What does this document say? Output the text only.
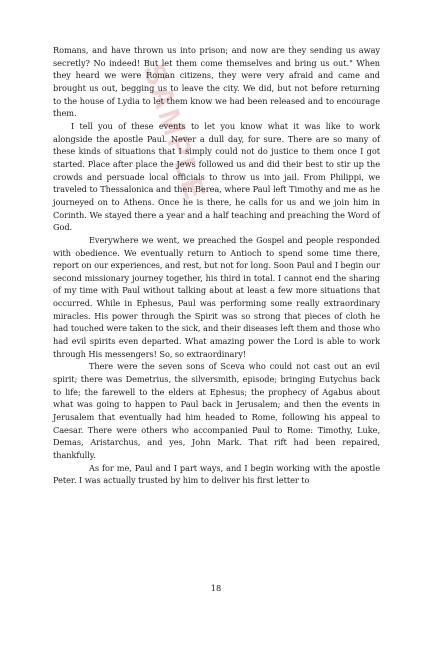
SAMPLE

Romans, and have thrown us into prison; and now are they sending us away secretly? No indeed! But let them come themselves and bring us out." When they heard we were Roman citizens, they were very afraid and came and brought us out, begging us to leave the city. We did, but not before returning to the house of Lydia to let them know we had been released and to encourage them.

I tell you of these events to let you know what it was like to work alongside the apostle Paul. Never a dull day, for sure. There are so many of these kinds of situations that I simply could not do justice to them once I got started. Place after place the Jews followed us and did their best to stir up the crowds and persuade local officials to throw us into jail. From Philippi, we traveled to Thessalonica and then Berea, where Paul left Timothy and me as he journeyed on to Athens. Once he is there, he calls for us and we join him in Corinth. We stayed there a year and a half teaching and preaching the Word of God.

Everywhere we went, we preached the Gospel and people responded with obedience. We eventually return to Antioch to spend some time there, report on our experiences, and rest, but not for long. Soon Paul and I begin our second missionary journey together, his third in total. I cannot end the sharing of my time with Paul without talking about at least a few more situations that occurred. While in Ephesus, Paul was performing some really extraordinary miracles. His power through the Spirit was so strong that pieces of cloth he had touched were taken to the sick, and their diseases left them and those who had evil spirits even departed. What amazing power the Lord is able to work through His messengers! So, so extraordinary!

There were the seven sons of Sceva who could not cast out an evil spirit; there was Demetrius, the silversmith, episode; bringing Eutychus back to life; the farewell to the elders at Ephesus; the prophecy of Agabus about what was going to happen to Paul back in Jerusalem; and then the events in Jerusalem that eventually had him headed to Rome, following his appeal to Caesar. There were others who accompanied Paul to Rome: Timothy, Luke, Demas, Aristarchus, and yes, John Mark. That rift had been repaired, thankfully.

As for me, Paul and I part ways, and I begin working with the apostle Peter. I was actually trusted by him to deliver his first letter to

18
